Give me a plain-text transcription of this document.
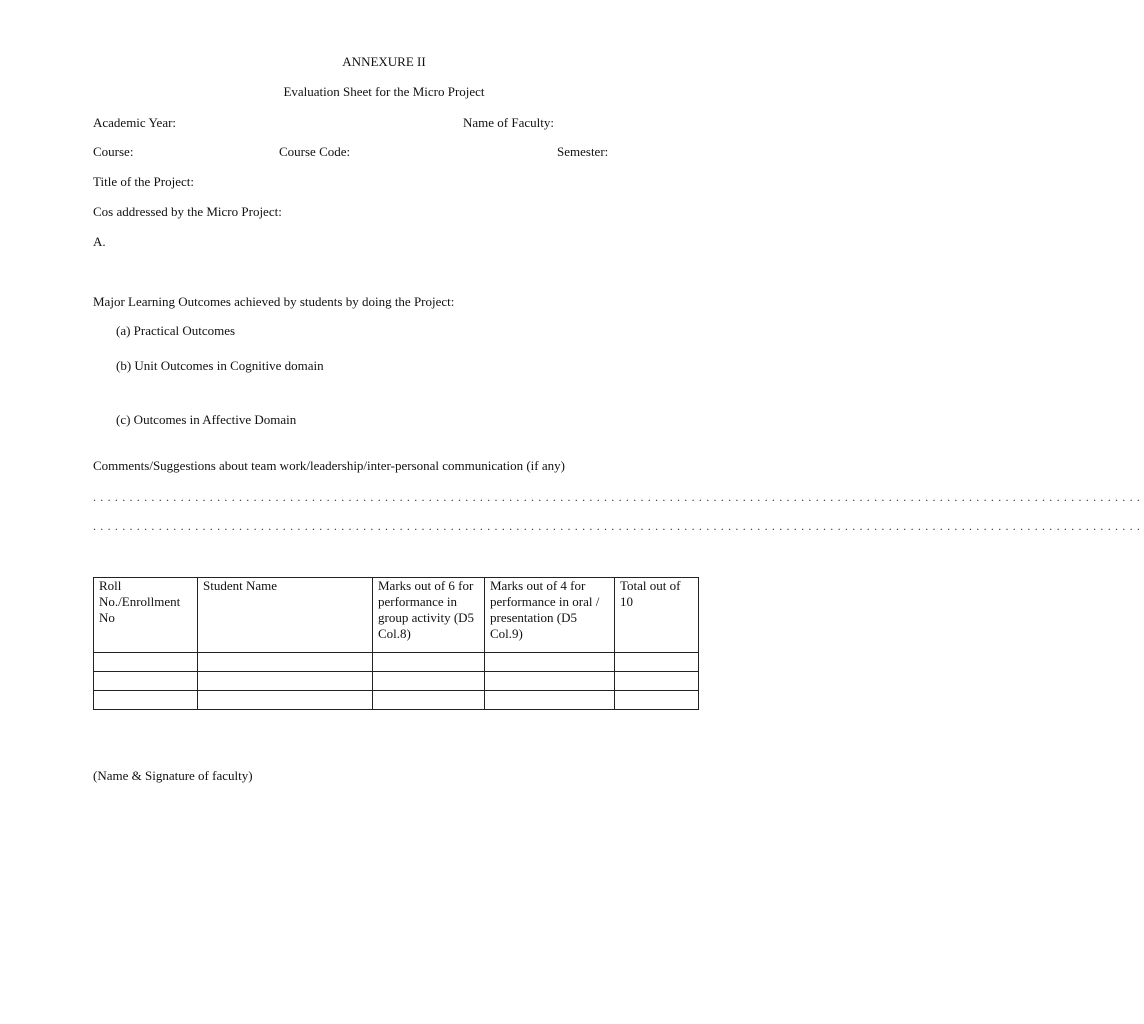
ANNEXURE II
Evaluation Sheet for the Micro Project
Academic Year:	Name of Faculty:
Course:	Course Code:	Semester:
Title of the Project:
Cos addressed by the Micro Project:
A.
Major Learning Outcomes achieved by students by doing the Project:
(a) Practical Outcomes
(b) Unit Outcomes in Cognitive domain
(c) Outcomes in Affective Domain
Comments/Suggestions about team work/leadership/inter-personal communication (if any)
................................................................................................................................................
................................................................................................................................................
Roll No./Enrollment No	Student Name	Marks out of 6 for performance in group activity (D5 Col.8)	Marks out of 4 for performance in oral / presentation (D5 Col.9)	Total out of 10

(Name & Signature of faculty)
